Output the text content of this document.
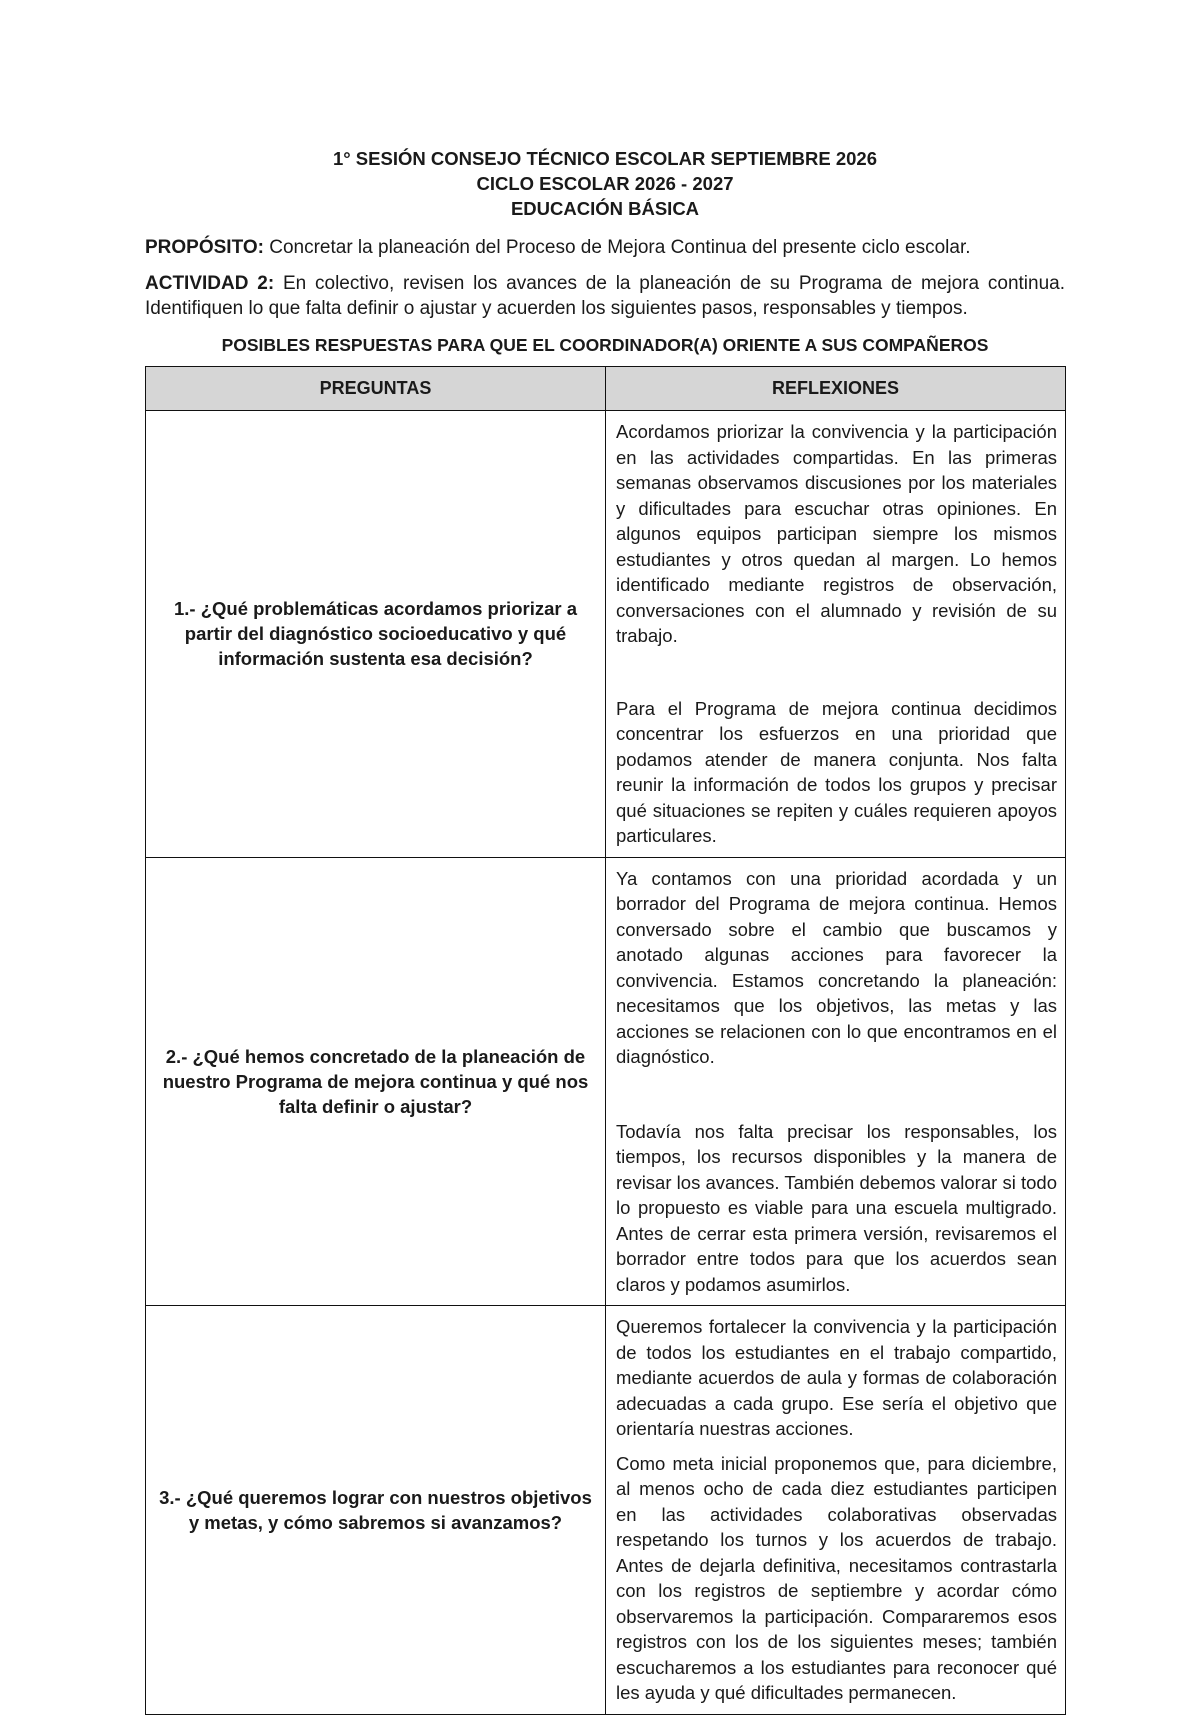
1° SESIÓN CONSEJO TÉCNICO ESCOLAR SEPTIEMBRE 2026
CICLO ESCOLAR 2026 - 2027
EDUCACIÓN BÁSICA
PROPÓSITO: Concretar la planeación del Proceso de Mejora Continua del presente ciclo escolar.
ACTIVIDAD 2: En colectivo, revisen los avances de la planeación de su Programa de mejora continua. Identifiquen lo que falta definir o ajustar y acuerden los siguientes pasos, responsables y tiempos.
POSIBLES RESPUESTAS PARA QUE EL COORDINADOR(A) ORIENTE A SUS COMPAÑEROS
PREGUNTAS	REFLEXIONES
1.- ¿Qué problemáticas acordamos priorizar a partir del diagnóstico socioeducativo y qué información sustenta esa decisión?	Acordamos priorizar la convivencia y la participación en las actividades compartidas. En las primeras semanas observamos discusiones por los materiales y dificultades para escuchar otras opiniones. En algunos equipos participan siempre los mismos estudiantes y otros quedan al margen. Lo hemos identificado mediante registros de observación, conversaciones con el alumnado y revisión de su trabajo.

Para el Programa de mejora continua decidimos concentrar los esfuerzos en una prioridad que podamos atender de manera conjunta. Nos falta reunir la información de todos los grupos y precisar qué situaciones se repiten y cuáles requieren apoyos particulares.

2.- ¿Qué hemos concretado de la planeación de nuestro Programa de mejora continua y qué nos falta definir o ajustar?	Ya contamos con una prioridad acordada y un borrador del Programa de mejora continua. Hemos conversado sobre el cambio que buscamos y anotado algunas acciones para favorecer la convivencia. Estamos concretando la planeación: necesitamos que los objetivos, las metas y las acciones se relacionen con lo que encontramos en el diagnóstico.

Todavía nos falta precisar los responsables, los tiempos, los recursos disponibles y la manera de revisar los avances. También debemos valorar si todo lo propuesto es viable para una escuela multigrado. Antes de cerrar esta primera versión, revisaremos el borrador entre todos para que los acuerdos sean claros y podamos asumirlos.

3.- ¿Qué queremos lograr con nuestros objetivos y metas, y cómo sabremos si avanzamos?	Queremos fortalecer la convivencia y la participación de todos los estudiantes en el trabajo compartido, mediante acuerdos de aula y formas de colaboración adecuadas a cada grupo. Ese sería el objetivo que orientaría nuestras acciones.

Como meta inicial proponemos que, para diciembre, al menos ocho de cada diez estudiantes participen en las actividades colaborativas observadas respetando los turnos y los acuerdos de trabajo. Antes de dejarla definitiva, necesitamos contrastarla con los registros de septiembre y acordar cómo observaremos la participación. Compararemos esos registros con los de los siguientes meses; también escucharemos a los estudiantes para reconocer qué les ayuda y qué dificultades permanecen.
